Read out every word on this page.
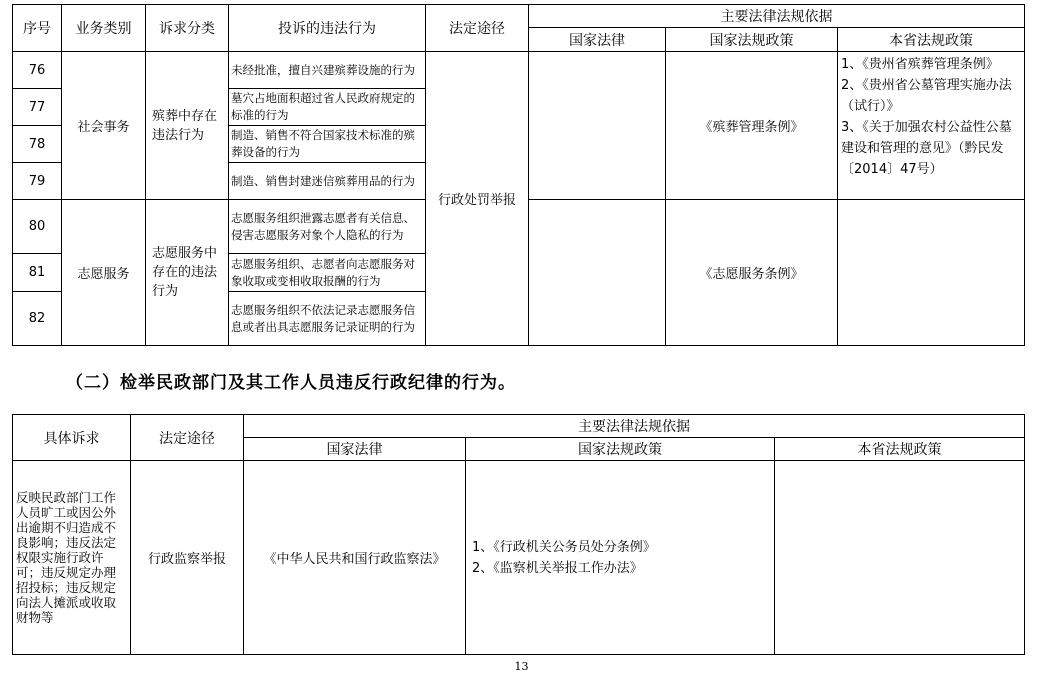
序号	业务类别	诉求分类	投诉的违法行为	法定途径	主要法律法规依据		
					国家法律	国家法规政策	本省法规政策
76	社会事务	殡葬中存在违法行为	未经批准，擅自兴建殡葬设施的行为	行政处罚举报		《殡葬管理条例》	1、《贵州省殡葬管理条例》
2、《贵州省公墓管理实施办法（试行）》
3、《关于加强农村公益性公墓建设和管理的意见》（黔民发〔2014〕47号）

77			墓穴占地面积超过省人民政府规定的标准的行为				
78			制造、销售不符合国家技术标准的殡葬设备的行为				
79			制造、销售封建迷信殡葬用品的行为				
80	志愿服务	志愿服务中存在的违法行为	志愿服务组织泄露志愿者有关信息、侵害志愿服务对象个人隐私的行为			《志愿服务条例》	
81			志愿服务组织、志愿者向志愿服务对象收取或变相收取报酬的行为				
82			志愿服务组织不依法记录志愿服务信息或者出具志愿服务记录证明的行为				
（二）检举民政部门及其工作人员违反行政纪律的行为。
具体诉求	法定途径	主要法律法规依据		
		国家法律	国家法规政策	本省法规政策
反映民政部门工作人员旷工或因公外出逾期不归造成不良影响；违反法定权限实施行政许可；违反规定办理招投标；违反规定向法人摊派或收取财物等	行政监察举报	《中华人民共和国行政监察法》	1、《行政机关公务员处分条例》
2、《监察机关举报工作办法》	

13
